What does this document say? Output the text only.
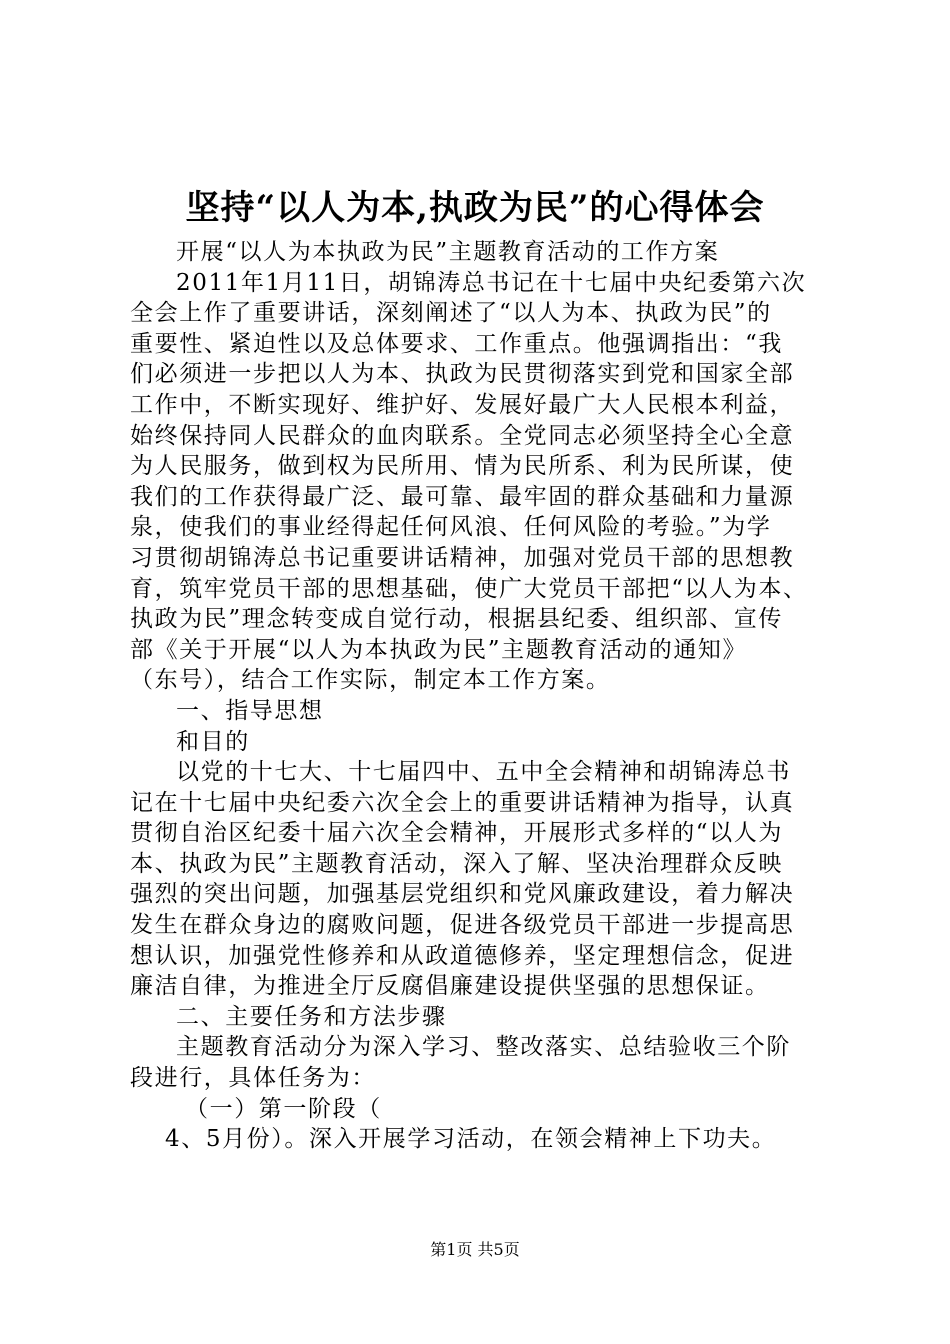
坚持“以人为本,执政为民”的心得体会
开展“以人为本执政为民”主题教育活动的工作方案
2011年1月11日，胡锦涛总书记在十七届中央纪委第六次
全会上作了重要讲话，深刻阐述了“以人为本、执政为民”的
重要性、紧迫性以及总体要求、工作重点。他强调指出：“我
们必须进一步把以人为本、执政为民贯彻落实到党和国家全部
工作中，不断实现好、维护好、发展好最广大人民根本利益，
始终保持同人民群众的血肉联系。全党同志必须坚持全心全意
为人民服务，做到权为民所用、情为民所系、利为民所谋，使
我们的工作获得最广泛、最可靠、最牢固的群众基础和力量源
泉，使我们的事业经得起任何风浪、任何风险的考验。”为学
习贯彻胡锦涛总书记重要讲话精神，加强对党员干部的思想教
育，筑牢党员干部的思想基础，使广大党员干部把“以人为本、
执政为民”理念转变成自觉行动，根据县纪委、组织部、宣传
部《关于开展“以人为本执政为民”主题教育活动的通知》
（东号），结合工作实际，制定本工作方案。
一、指导思想
和目的
以党的十七大、十七届四中、五中全会精神和胡锦涛总书
记在十七届中央纪委六次全会上的重要讲话精神为指导，认真
贯彻自治区纪委十届六次全会精神，开展形式多样的“以人为
本、执政为民”主题教育活动，深入了解、坚决治理群众反映
强烈的突出问题，加强基层党组织和党风廉政建设，着力解决
发生在群众身边的腐败问题，促进各级党员干部进一步提高思
想认识，加强党性修养和从政道德修养，坚定理想信念，促进
廉洁自律，为推进全厅反腐倡廉建设提供坚强的思想保证。
二、主要任务和方法步骤
主题教育活动分为深入学习、整改落实、总结验收三个阶
段进行，具体任务为：
（一）第一阶段（
4、5月份）。深入开展学习活动，在领会精神上下功夫。
第1页 共5页
